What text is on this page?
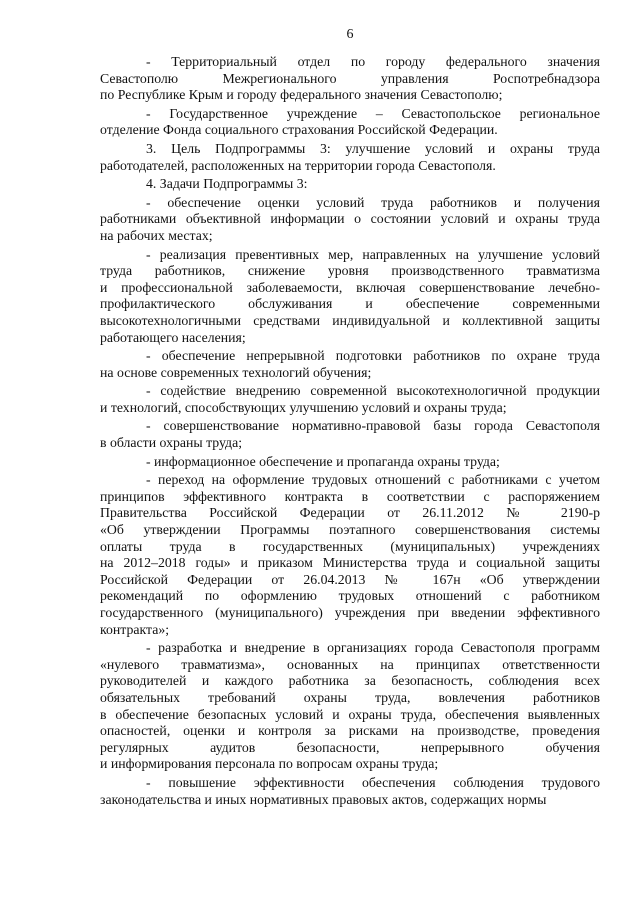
6
- Территориальный отдел по городу федерального значения
Севастополю Межрегионального управления Роспотребнадзора
по Республике Крым и городу федерального значения Севастополю;
- Государственное учреждение – Севастопольское региональное
отделение Фонда социального страхования Российской Федерации.
3. Цель Подпрограммы 3: улучшение условий и охраны труда
работодателей, расположенных на территории города Севастополя.
4. Задачи Подпрограммы 3:
- обеспечение оценки условий труда работников и получения
работниками объективной информации о состоянии условий и охраны труда
на рабочих местах;
- реализация превентивных мер, направленных на улучшение условий
труда работников, снижение уровня производственного травматизма
и профессиональной заболеваемости, включая совершенствование лечебно-
профилактического обслуживания и обеспечение современными
высокотехнологичными средствами индивидуальной и коллективной защиты
работающего населения;
- обеспечение непрерывной подготовки работников по охране труда
на основе современных технологий обучения;
- содействие внедрению современной высокотехнологичной продукции
и технологий, способствующих улучшению условий и охраны труда;
- совершенствование нормативно-правовой базы города Севастополя
в области охраны труда;
- информационное обеспечение и пропаганда охраны труда;
- переход на оформление трудовых отношений с работниками с учетом
принципов эффективного контракта в соответствии с распоряжением
Правительства Российской Федерации от 26.11.2012 № 2190-р
«Об утверждении Программы поэтапного совершенствования системы
оплаты труда в государственных (муниципальных) учреждениях
на 2012–2018 годы» и приказом Министерства труда и социальной защиты
Российской Федерации от 26.04.2013 № 167н «Об утверждении
рекомендаций по оформлению трудовых отношений с работником
государственного (муниципального) учреждения при введении эффективного
контракта»;
- разработка и внедрение в организациях города Севастополя программ
«нулевого травматизма», основанных на принципах ответственности
руководителей и каждого работника за безопасность, соблюдения всех
обязательных требований охраны труда, вовлечения работников
в обеспечение безопасных условий и охраны труда, обеспечения выявленных
опасностей, оценки и контроля за рисками на производстве, проведения
регулярных аудитов безопасности, непрерывного обучения
и информирования персонала по вопросам охраны труда;
- повышение эффективности обеспечения соблюдения трудового
законодательства и иных нормативных правовых актов, содержащих нормы
